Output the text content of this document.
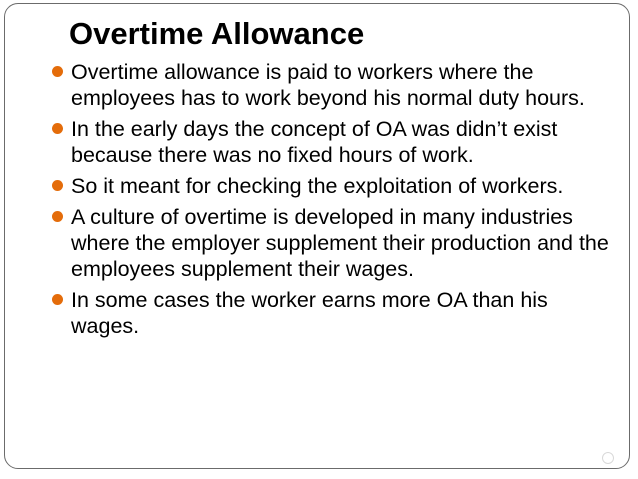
Overtime Allowance
Overtime allowance is paid to workers where the employees has to work beyond his normal duty hours.
In the early days the concept of OA was didn’t exist because there was no fixed hours of work.
So it meant for checking the exploitation of workers.
A culture of overtime is developed in many industries where the employer supplement their production and the employees supplement their wages.
In some cases the worker earns more OA than his wages.
